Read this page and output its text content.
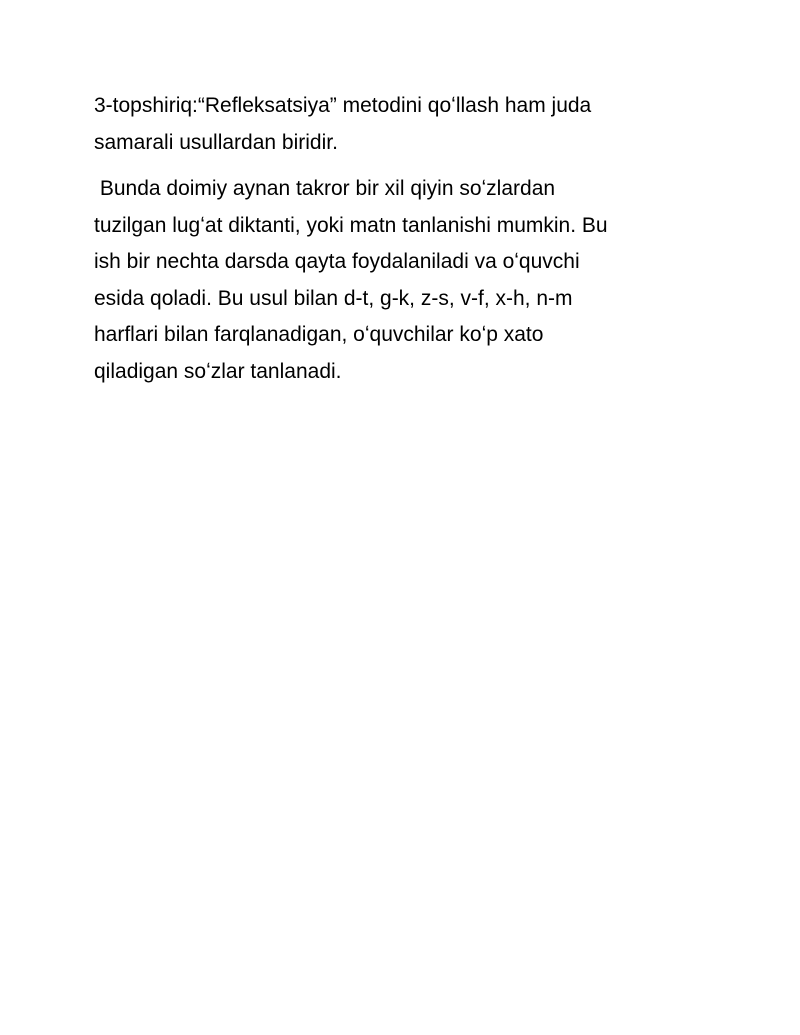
3-topshiriq:“Refleksatsiya” metodini qoʻllash ham juda
samarali usullardan biridir.

Bunda doimiy aynan takror bir xil qiyin soʻzlardan
tuzilgan lugʻat diktanti, yoki matn tanlanishi mumkin. Bu
ish bir nechta darsda qayta foydalaniladi va oʻquvchi
esida qoladi. Bu usul bilan d-t, g-k, z-s, v-f, x-h, n-m
harflari bilan farqlanadigan, oʻquvchilar koʻp xato
qiladigan soʻzlar tanlanadi.
